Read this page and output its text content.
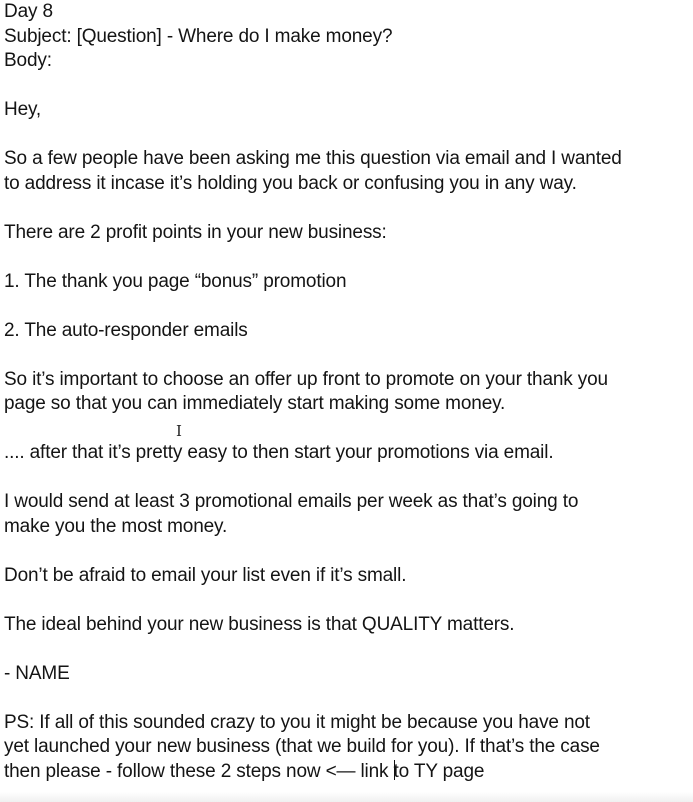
Day 8
Subject: [Question] - Where do I make money?
Body:
Hey,
So a few people have been asking me this question via email and I wanted
to address it incase it’s holding you back or confusing you in any way.
There are 2 profit points in your new business:
1. The thank you page “bonus” promotion
2. The auto-responder emails
So it’s important to choose an offer up front to promote on your thank you
page so that you can immediately start making some money.
.... after that it’s pretty easy to then start your promotions via email.
I would send at least 3 promotional emails per week as that’s going to
make you the most money.
Don’t be afraid to email your list even if it’s small.
The ideal behind your new business is that QUALITY matters.
- NAME
PS: If all of this sounded crazy to you it might be because you have not
yet launched your new business (that we build for you). If that’s the case
then please - follow these 2 steps now <— link to TY page
I
